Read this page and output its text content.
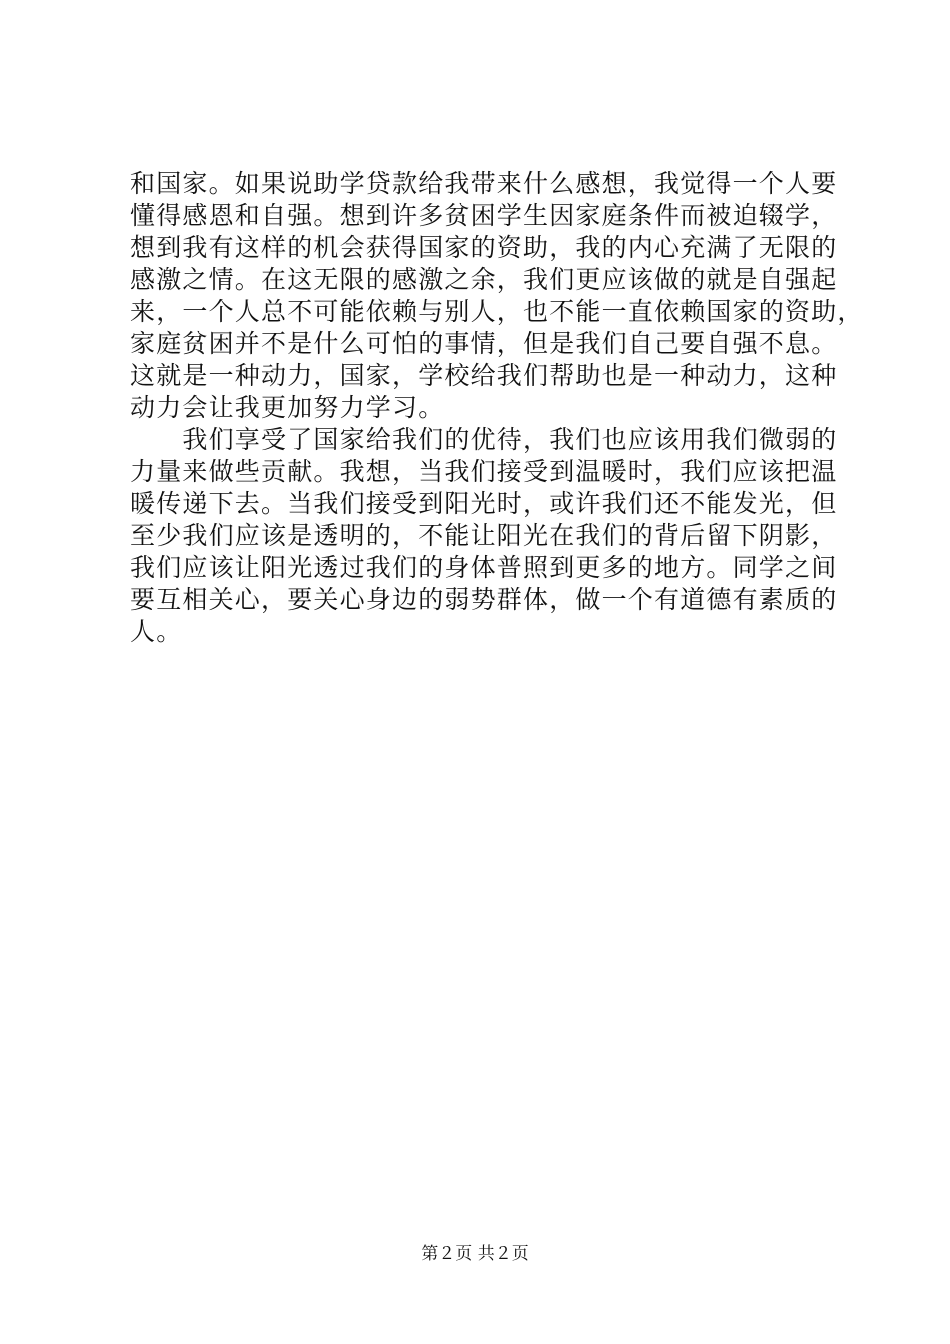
和国家。如果说助学贷款给我带来什么感想，我觉得一个人要
懂得感恩和自强。想到许多贫困学生因家庭条件而被迫辍学，
想到我有这样的机会获得国家的资助，我的内心充满了无限的
感激之情。在这无限的感激之余，我们更应该做的就是自强起
来，一个人总不可能依赖与别人，也不能一直依赖国家的资助，
家庭贫困并不是什么可怕的事情，但是我们自己要自强不息。
这就是一种动力，国家，学校给我们帮助也是一种动力，这种
动力会让我更加努力学习。
　　我们享受了国家给我们的优待，我们也应该用我们微弱的
力量来做些贡献。我想，当我们接受到温暖时，我们应该把温
暖传递下去。当我们接受到阳光时，或许我们还不能发光，但
至少我们应该是透明的，不能让阳光在我们的背后留下阴影，
我们应该让阳光透过我们的身体普照到更多的地方。同学之间
要互相关心，要关心身边的弱势群体，做一个有道德有素质的
人。
第２页 共２页
